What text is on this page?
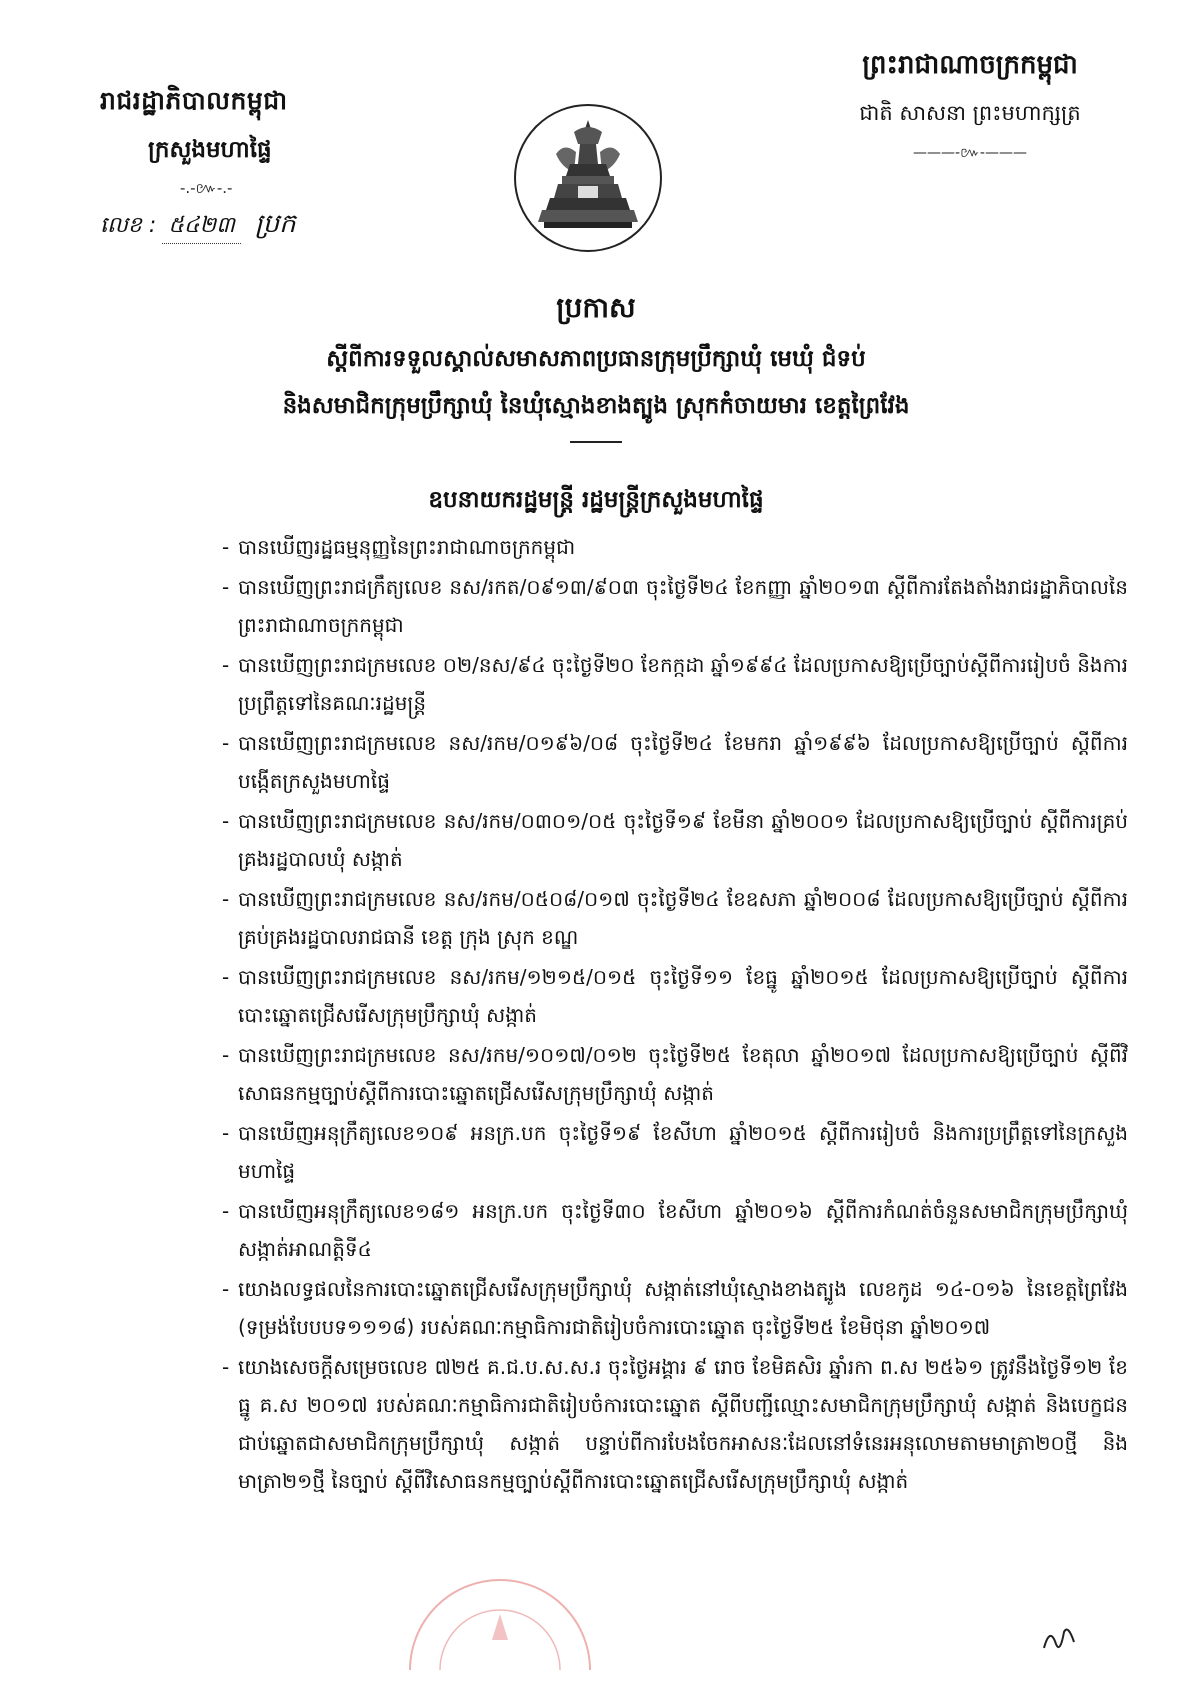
រាជរដ្ឋាភិបាលកម្ពុជា
ក្រសួងមហាផ្ទៃ
-.-៚-.-
លេខ : ៥៤២៣ ប្រក
ព្រះរាជាណាចក្រកម្ពុជា
ជាតិ សាសនា ព្រះមហាក្សត្រ
———-៚-———
ប្រកាស
ស្តីពីការទទួលស្គាល់សមាសភាពប្រធានក្រុមប្រឹក្សាឃុំ មេឃុំ ជំទប់
និងសមាជិកក្រុមប្រឹក្សាឃុំ នៃឃុំស្មោងខាងត្បូង ស្រុកកំចាយមារ ខេត្តព្រៃវែង
ឧបនាយករដ្ឋមន្ត្រី រដ្ឋមន្ត្រីក្រសួងមហាផ្ទៃ
- បានឃើញរដ្ឋធម្មនុញ្ញនៃព្រះរាជាណាចក្រកម្ពុជា
- បានឃើញព្រះរាជក្រឹត្យលេខ នស/រកត/០៩១៣/៩០៣ ចុះថ្ងៃទី២៤ ខែកញ្ញា ឆ្នាំ២០១៣ ស្តីពីការតែងតាំងរាជរដ្ឋាភិបាលនៃព្រះរាជាណាចក្រកម្ពុជា
- បានឃើញព្រះរាជក្រមលេខ ០២/នស/៩៤ ចុះថ្ងៃទី២០ ខែកក្កដា ឆ្នាំ១៩៩៤ ដែលប្រកាសឱ្យប្រើច្បាប់ស្តីពីការរៀបចំ និងការប្រព្រឹត្តទៅនៃគណៈរដ្ឋមន្ត្រី
- បានឃើញព្រះរាជក្រមលេខ នស/រកម/០១៩៦/០៨ ចុះថ្ងៃទី២៤ ខែមករា ឆ្នាំ១៩៩៦ ដែលប្រកាសឱ្យប្រើច្បាប់ ស្តីពីការបង្កើតក្រសួងមហាផ្ទៃ
- បានឃើញព្រះរាជក្រមលេខ នស/រកម/០៣០១/០៥ ចុះថ្ងៃទី១៩ ខែមីនា ឆ្នាំ២០០១ ដែលប្រកាសឱ្យប្រើច្បាប់ ស្តីពីការគ្រប់គ្រងរដ្ឋបាលឃុំ សង្កាត់
- បានឃើញព្រះរាជក្រមលេខ នស/រកម/០៥០៨/០១៧ ចុះថ្ងៃទី២៤ ខែឧសភា ឆ្នាំ២០០៨ ដែលប្រកាសឱ្យប្រើច្បាប់ ស្តីពីការគ្រប់គ្រងរដ្ឋបាលរាជធានី ខេត្ត ក្រុង ស្រុក ខណ្ឌ
- បានឃើញព្រះរាជក្រមលេខ នស/រកម/១២១៥/០១៥ ចុះថ្ងៃទី១១ ខែធ្នូ ឆ្នាំ២០១៥ ដែលប្រកាសឱ្យប្រើច្បាប់ ស្តីពីការបោះឆ្នោតជ្រើសរើសក្រុមប្រឹក្សាឃុំ សង្កាត់
- បានឃើញព្រះរាជក្រមលេខ នស/រកម/១០១៧/០១២ ចុះថ្ងៃទី២៥ ខែតុលា ឆ្នាំ២០១៧ ដែលប្រកាសឱ្យប្រើច្បាប់ ស្តីពីវិសោធនកម្មច្បាប់ស្តីពីការបោះឆ្នោតជ្រើសរើសក្រុមប្រឹក្សាឃុំ សង្កាត់
- បានឃើញអនុក្រឹត្យលេខ១០៩ អនក្រ.បក ចុះថ្ងៃទី១៩ ខែសីហា ឆ្នាំ២០១៥ ស្តីពីការរៀបចំ និងការប្រព្រឹត្តទៅនៃក្រសួងមហាផ្ទៃ
- បានឃើញអនុក្រឹត្យលេខ១៨១ អនក្រ.បក ចុះថ្ងៃទី៣០ ខែសីហា ឆ្នាំ២០១៦ ស្តីពីការកំណត់ចំនួនសមាជិកក្រុមប្រឹក្សាឃុំ សង្កាត់អាណត្តិទី៤
- យោងលទ្ធផលនៃការបោះឆ្នោតជ្រើសរើសក្រុមប្រឹក្សាឃុំ សង្កាត់នៅឃុំស្មោងខាងត្បូង លេខកូដ ១៤-០១៦ នៃខេត្តព្រៃវែង (ទម្រង់បែបបទ១១១៨) របស់គណៈកម្មាធិការជាតិរៀបចំការបោះឆ្នោត ចុះថ្ងៃទី២៥ ខែមិថុនា ឆ្នាំ២០១៧
- យោងសេចក្តីសម្រេចលេខ ៧២៥ គ.ជ.ប.ស.ស.រ ចុះថ្ងៃអង្គារ ៩ រោច ខែមិគសិរ ឆ្នាំរកា ព.ស ២៥៦១ ត្រូវនឹងថ្ងៃទី១២ ខែធ្នូ គ.ស ២០១៧ របស់គណៈកម្មាធិការជាតិរៀបចំការបោះឆ្នោត ស្តីពីបញ្ជីឈ្មោះសមាជិកក្រុមប្រឹក្សាឃុំ សង្កាត់ និងបេក្ខជនជាប់ឆ្នោតជាសមាជិកក្រុមប្រឹក្សាឃុំ សង្កាត់ បន្ទាប់ពីការបែងចែកអាសនៈដែលនៅទំនេរអនុលោមតាមមាត្រា២០ថ្មី និងមាត្រា២១ថ្មី នៃច្បាប់ ស្តីពីវិសោធនកម្មច្បាប់ស្តីពីការបោះឆ្នោតជ្រើសរើសក្រុមប្រឹក្សាឃុំ សង្កាត់
